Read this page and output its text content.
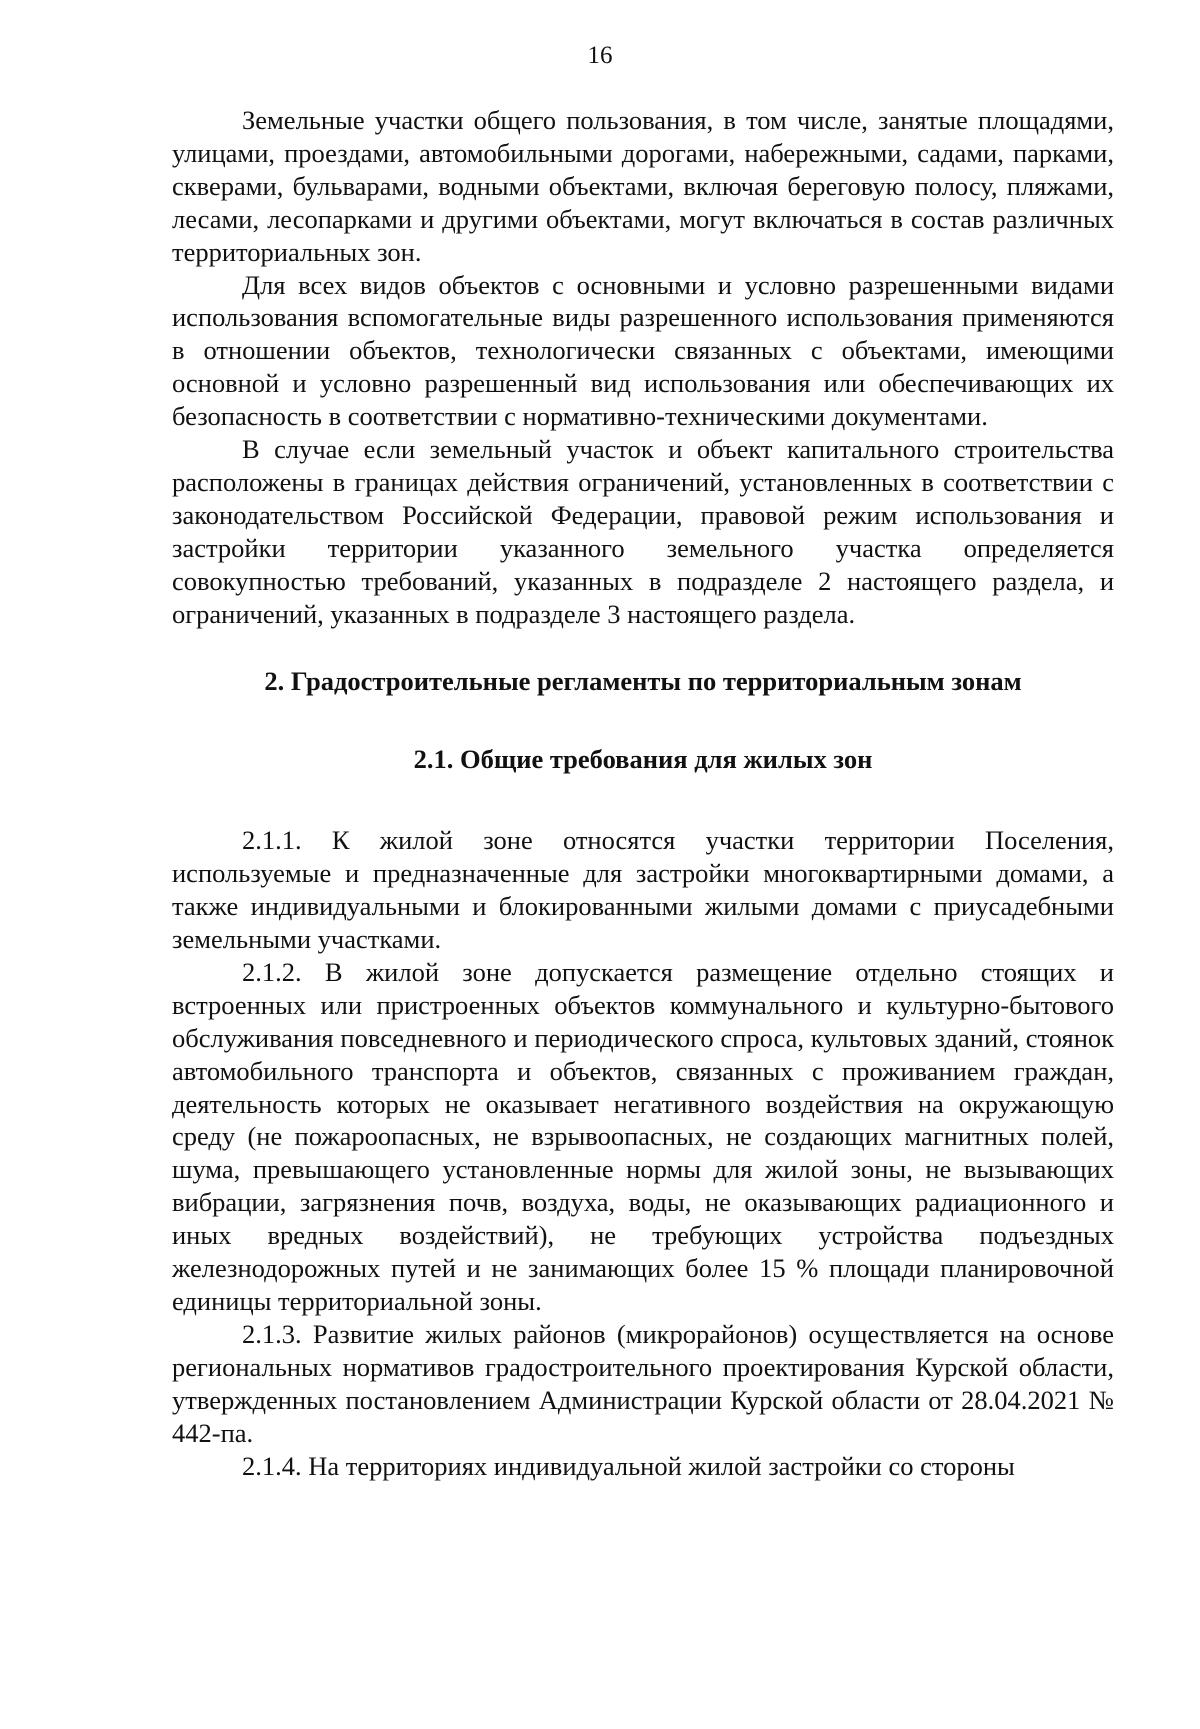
16

Земельные участки общего пользования, в том числе, занятые площадями, улицами, проездами, автомобильными дорогами, набережными, садами, парками, скверами, бульварами, водными объектами, включая береговую полосу, пляжами, лесами, лесопарками и другими объектами, могут включаться в состав различных территориальных зон.

Для всех видов объектов с основными и условно разрешенными видами использования вспомогательные виды разрешенного использования применяются в отношении объектов, технологически связанных с объектами, имеющими основной и условно разрешенный вид использования или обеспечивающих их безопасность в соответствии с нормативно-техническими документами.

В случае если земельный участок и объект капитального строительства расположены в границах действия ограничений, установленных в соответствии с законодательством Российской Федерации, правовой режим использования и застройки территории указанного земельного участка определяется совокупностью требований, указанных в подразделе 2 настоящего раздела, и ограничений, указанных в подразделе 3 настоящего раздела.

2. Градостроительные регламенты по территориальным зонам
2.1. Общие требования для жилых зон

2.1.1. К жилой зоне относятся участки территории Поселения, используемые и предназначенные для застройки многоквартирными домами, а также индивидуальными и блокированными жилыми домами с приусадебными земельными участками.

2.1.2. В жилой зоне допускается размещение отдельно стоящих и встроенных или пристроенных объектов коммунального и культурно-бытового обслуживания повседневного и периодического спроса, культовых зданий, стоянок автомобильного транспорта и объектов, связанных с проживанием граждан, деятельность которых не оказывает негативного воздействия на окружающую среду (не пожароопасных, не взрывоопасных, не создающих магнитных полей, шума, превышающего установленные нормы для жилой зоны, не вызывающих вибрации, загрязнения почв, воздуха, воды, не оказывающих радиационного и иных вредных воздействий), не требующих устройства подъездных железнодорожных путей и не занимающих более 15 % площади планировочной единицы территориальной зоны.

2.1.3. Развитие жилых районов (микрорайонов) осуществляется на основе региональных нормативов градостроительного проектирования Курской области, утвержденных постановлением Администрации Курской области от 28.04.2021 № 442-па.

2.1.4. На территориях индивидуальной жилой застройки со стороны
